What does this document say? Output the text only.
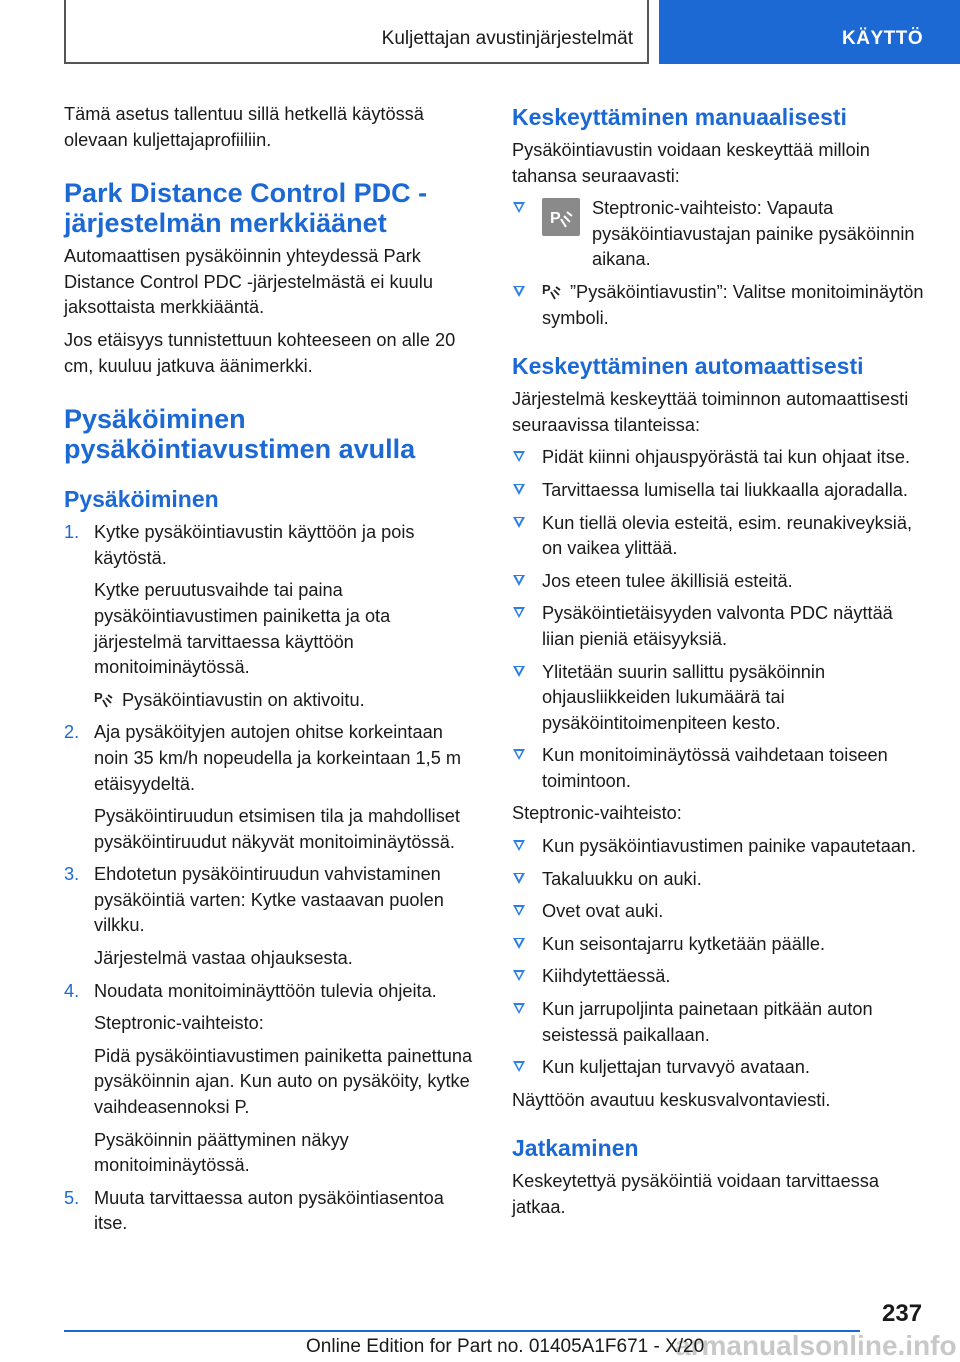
Kuljettajan avustinjärjestelmät	KÄYTTÖ

Tämä asetus tallentuu sillä hetkellä käytössä olevaan kuljettajaprofiiliin.

Park Distance Control PDC -järjestelmän merkkiäänet

Automaattisen pysäköinnin yhteydessä Park Distance Control PDC -järjestelmästä ei kuulu jaksottaista merkkiääntä.

Jos etäisyys tunnistettuun kohteeseen on alle 20 cm, kuuluu jatkuva äänimerkki.

Pysäköiminen pysäköintiavustimen avulla
Pysäköiminen
1. Kytke pysäköintiavustin käyttöön ja pois käytöstä.

Kytke peruutusvaihde tai paina pysäköintiavustimen painiketta ja ota järjestelmä tarvittaessa käyttöön monitoiminäytössä.

P Pysäköintiavustin on aktivoitu.

2. Aja pysäköityjen autojen ohitse korkeintaan noin 35 km/h nopeudella ja korkeintaan 1,5 m etäisyydeltä.

Pysäköintiruudun etsimisen tila ja mahdolliset pysäköintiruudut näkyvät monitoiminäytössä.

3. Ehdotetun pysäköintiruudun vahvistaminen pysäköintiä varten: Kytke vastaavan puolen vilkku.

Järjestelmä vastaa ohjauksesta.

4. Noudata monitoiminäyttöön tulevia ohjeita.

Steptronic-vaihteisto:

Pidä pysäköintiavustimen painiketta painettuna pysäköinnin ajan. Kun auto on pysäköity, kytke vaihdeasennoksi P.

Pysäköinnin päättyminen näkyy monitoiminäytössä.

5. Muuta tarvittaessa auton pysäköintiasentoa itse.

Keskeyttäminen manuaalisesti

Pysäköintiavustin voidaan keskeyttää milloin tahansa seuraavasti:

P
Steptronic-vaihteisto: Vapauta pysäköintiavustajan painike pysäköinnin aikana.
P ”Pysäköintiavustin”: Valitse monitoiminäytön symboli.
Keskeyttäminen automaattisesti

Järjestelmä keskeyttää toiminnon automaattisesti seuraavissa tilanteissa:

Pidät kiinni ohjauspyörästä tai kun ohjaat itse.
Tarvittaessa lumisella tai liukkaalla ajoradalla.
Kun tiellä olevia esteitä, esim. reunakiveyksiä, on vaikea ylittää.
Jos eteen tulee äkillisiä esteitä.
Pysäköintietäisyyden valvonta PDC näyttää liian pieniä etäisyyksiä.
Ylitetään suurin sallittu pysäköinnin ohjausliikkeiden lukumäärä tai pysäköintitoimenpiteen kesto.
Kun monitoiminäytössä vaihdetaan toiseen toimintoon.

Steptronic-vaihteisto:

Kun pysäköintiavustimen painike vapautetaan.
Takaluukku on auki.
Ovet ovat auki.
Kun seisontajarru kytketään päälle.
Kiihdytettäessä.
Kun jarrupoljinta painetaan pitkään auton seistessä paikallaan.
Kun kuljettajan turvavyö avataan.

Näyttöön avautuu keskusvalvontaviesti.

Jatkaminen

Keskeytettyä pysäköintiä voidaan tarvittaessa jatkaa.

237
armanualsonline.info
Online Edition for Part no. 01405A1F671 - X/20
